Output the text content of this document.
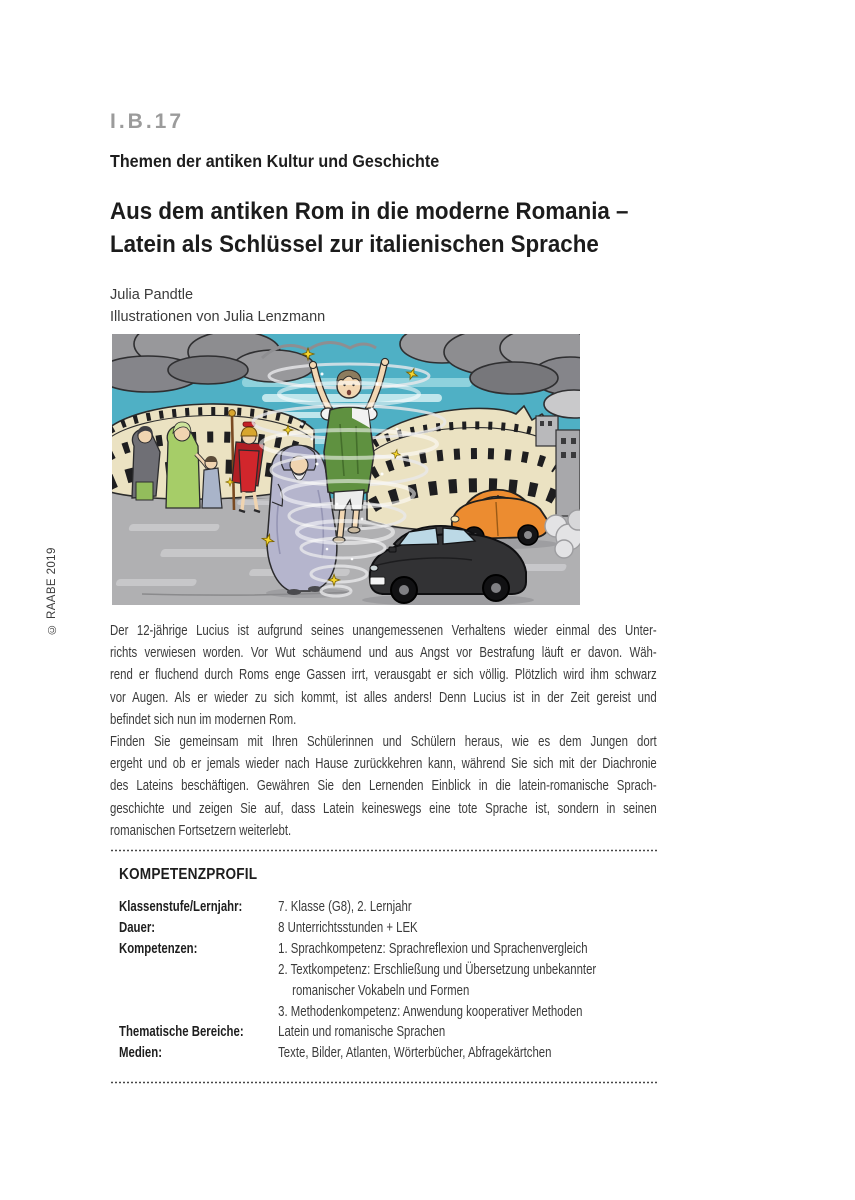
I.B.17
Themen der antiken Kultur und Geschichte
Aus dem antiken Rom in die moderne Romania –
Latein als Schlüssel zur italienischen Sprache
Julia Pandtle
Illustrationen von Julia Lenzmann
© RAABE 2019	Der 12-jährige Lucius ist aufgrund seines unangemessenen Verhaltens wieder einmal des Unter-
richts verwiesen worden. Vor Wut schäumend und aus Angst vor Bestrafung läuft er davon. Wäh-
rend er fluchend durch Roms enge Gassen irrt, verausgabt er sich völlig. Plötzlich wird ihm schwarz
vor Augen. Als er wieder zu sich kommt, ist alles anders! Denn Lucius ist in der Zeit gereist und
befindet sich nun im modernen Rom.
Finden Sie gemeinsam mit Ihren Schülerinnen und Schülern heraus, wie es dem Jungen dort
ergeht und ob er jemals wieder nach Hause zurückkehren kann, während Sie sich mit der Diachronie
des Lateins beschäftigen. Gewähren Sie den Lernenden Einblick in die latein-romanische Sprach-
geschichte und zeigen Sie auf, dass Latein keineswegs eine tote Sprache ist, sondern in seinen
romanischen Fortsetzern weiterlebt.
KOMPETENZPROFIL
Klassenstufe/Lernjahr:	7. Klasse (G8), 2. Lernjahr
Dauer:	8 Unterrichtsstunden + LEK
Kompetenzen:	1. Sprachkompetenz: Sprachreflexion und Sprachenvergleich
2. Textkompetenz: Erschließung und Übersetzung unbekannter
romanischer Vokabeln und Formen
3. Methodenkompetenz: Anwendung kooperativer Methoden
Thematische Bereiche:	Latein und romanische Sprachen
Medien:	Texte, Bilder, Atlanten, Wörterbücher, Abfragekärtchen
